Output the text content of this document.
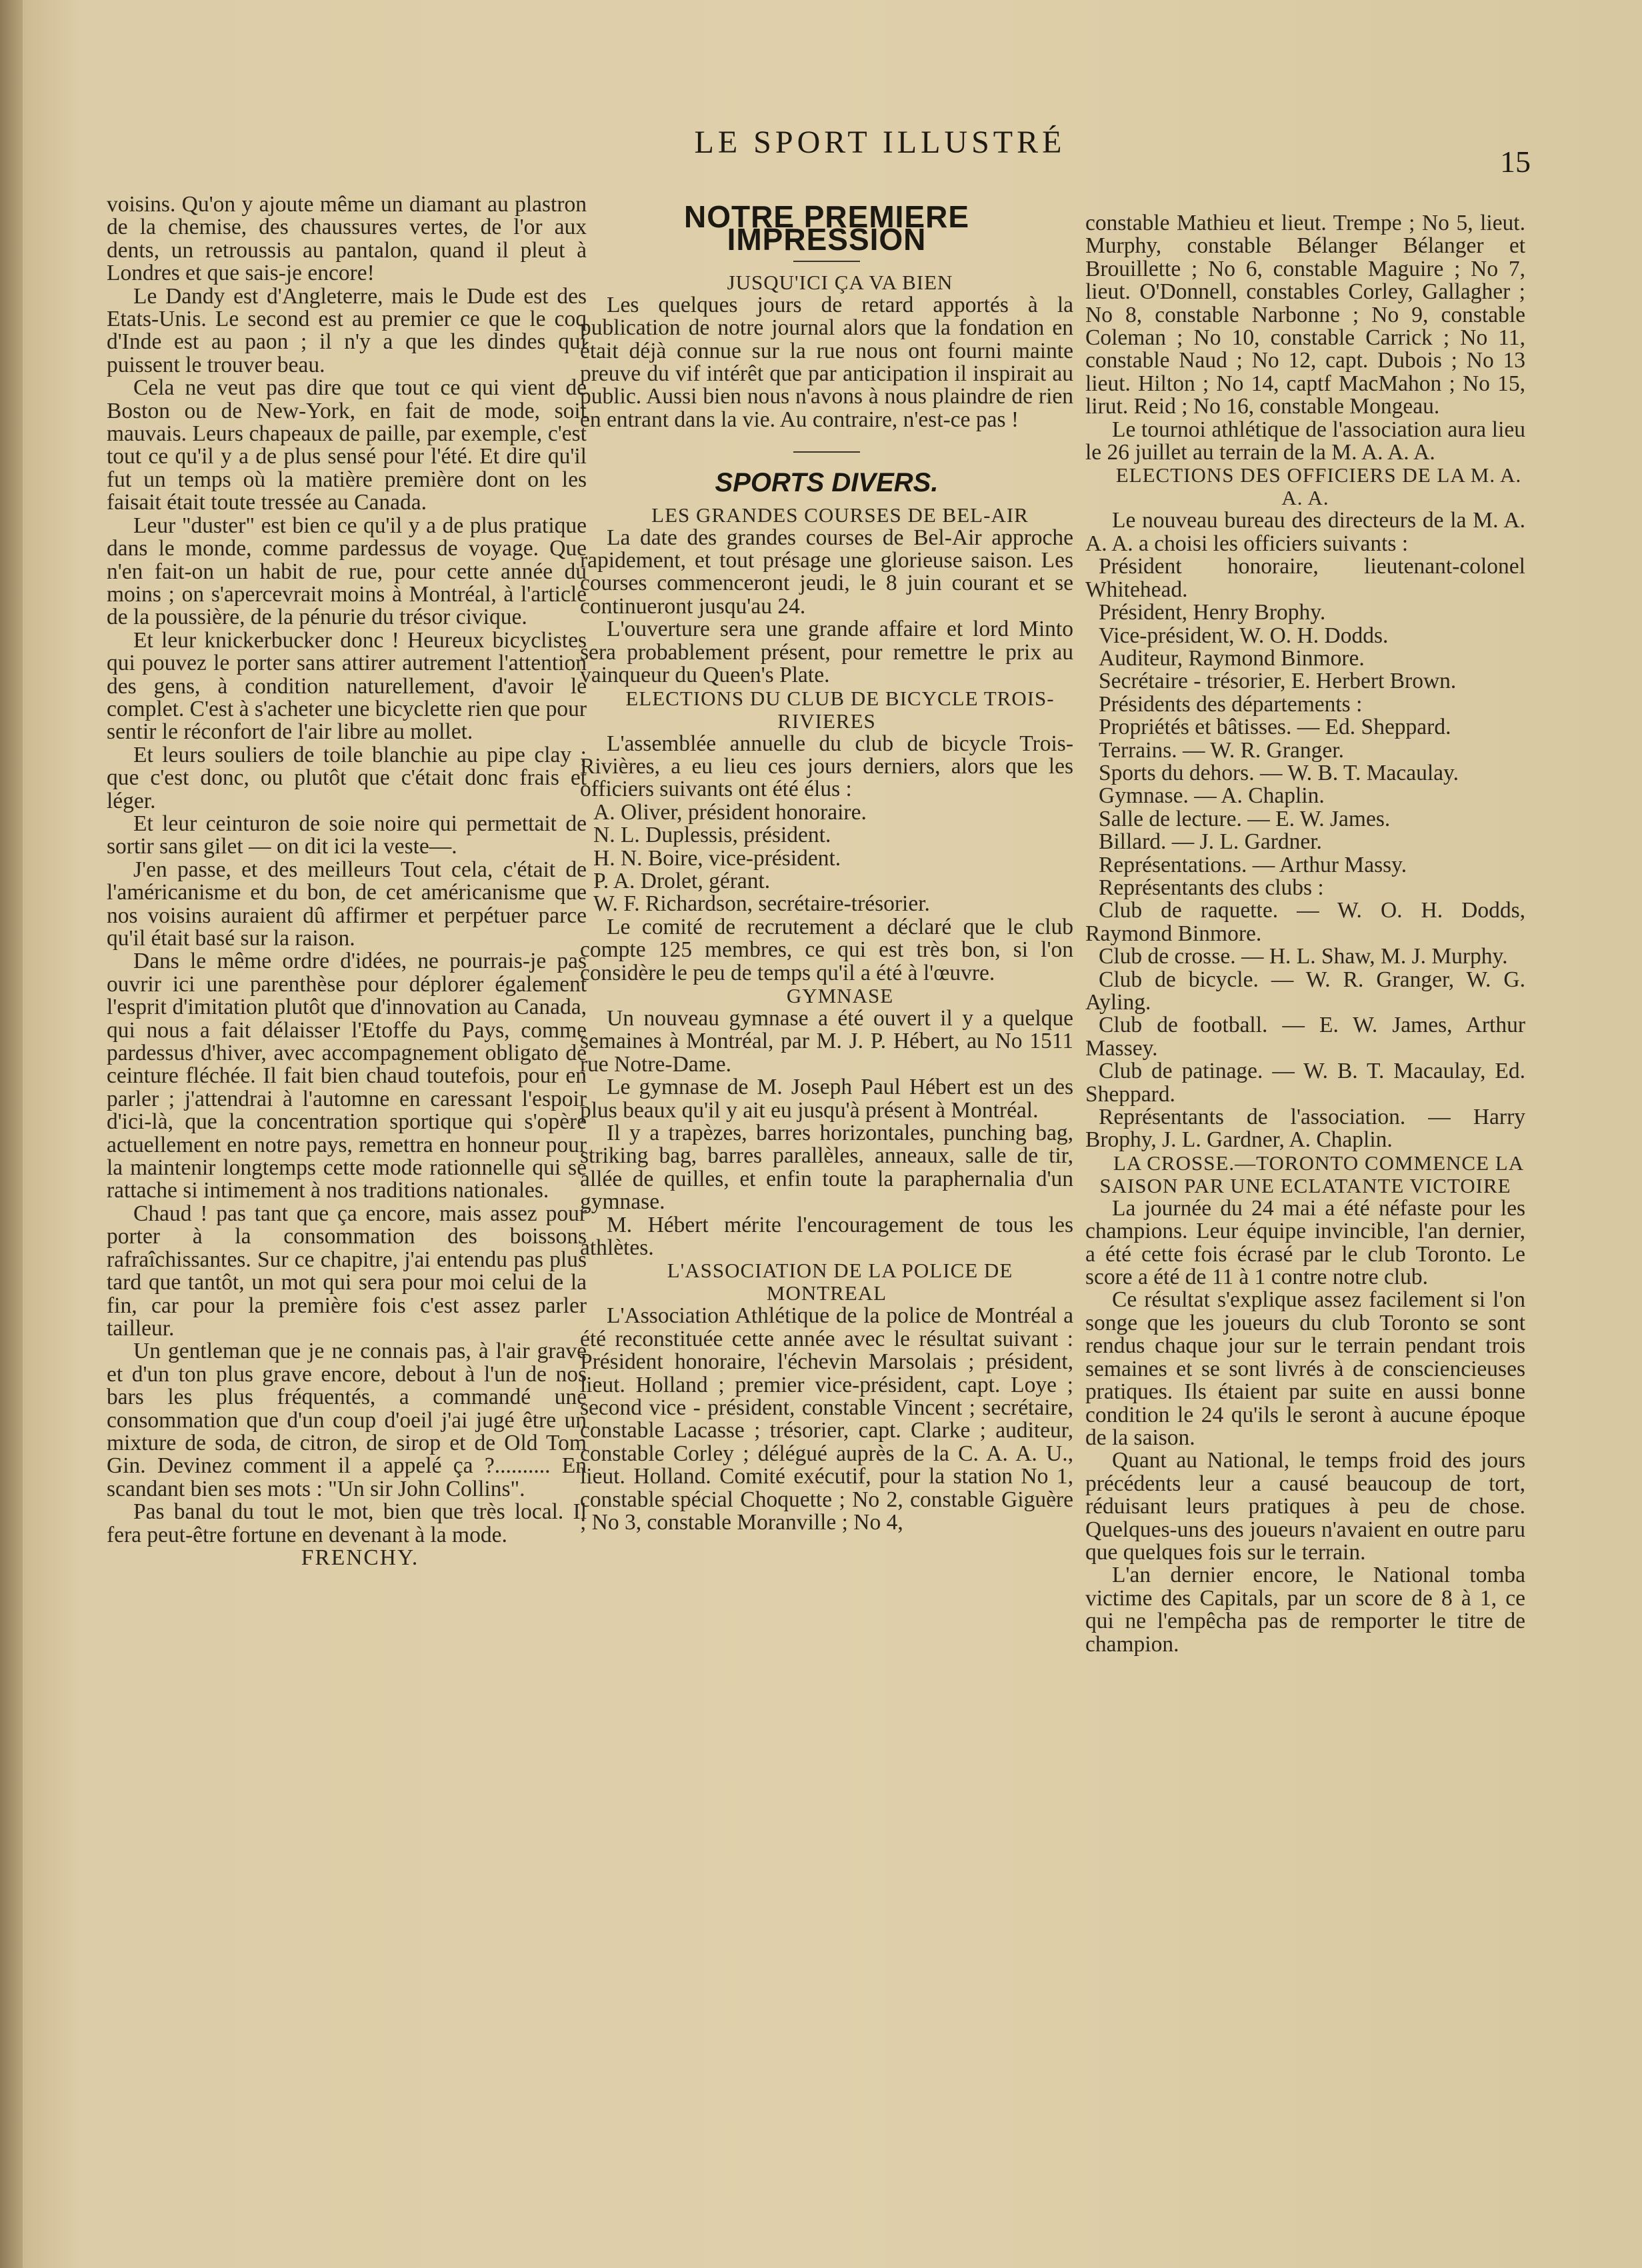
LE SPORT ILLUSTRÉ
15

voisins. Qu'on y ajoute même un diamant au plastron de la chemise, des chaussures vertes, de l'or aux dents, un retroussis au pantalon, quand il pleut à Londres et que sais-je encore!

Le Dandy est d'Angleterre, mais le Dude est des Etats-Unis. Le second est au premier ce que le coq d'Inde est au paon ; il n'y a que les dindes qui puissent le trouver beau.

Cela ne veut pas dire que tout ce qui vient de Boston ou de New-York, en fait de mode, soit mauvais. Leurs chapeaux de paille, par exemple, c'est tout ce qu'il y a de plus sensé pour l'été. Et dire qu'il fut un temps où la matière première dont on les faisait était toute tressée au Canada.

Leur "duster" est bien ce qu'il y a de plus pratique dans le monde, comme pardessus de voyage. Que n'en fait-on un habit de rue, pour cette année du moins ; on s'apercevrait moins à Montréal, à l'article de la poussière, de la pénurie du trésor civique.

Et leur knickerbucker donc ! Heureux bicyclistes qui pouvez le porter sans attirer autrement l'attention des gens, à condition naturellement, d'avoir le complet. C'est à s'acheter une bicyclette rien que pour sentir le réconfort de l'air libre au mollet.

Et leurs souliers de toile blanchie au pipe clay ; que c'est donc, ou plutôt que c'était donc frais et léger.

Et leur ceinturon de soie noire qui permettait de sortir sans gilet — on dit ici la veste—.

J'en passe, et des meilleurs Tout cela, c'était de l'américanisme et du bon, de cet américanisme que nos voisins auraient dû affirmer et perpétuer parce qu'il était basé sur la raison.

Dans le même ordre d'idées, ne pourrais-je pas ouvrir ici une parenthèse pour déplorer également l'esprit d'imitation plutôt que d'innovation au Canada, qui nous a fait délaisser l'Etoffe du Pays, comme pardessus d'hiver, avec accompagnement obligato de ceinture fléchée. Il fait bien chaud toutefois, pour en parler ; j'attendrai à l'automne en caressant l'espoir d'ici-là, que la concentration sportique qui s'opère actuellement en notre pays, remettra en honneur pour la maintenir longtemps cette mode rationnelle qui se rattache si intimement à nos traditions nationales.

Chaud ! pas tant que ça encore, mais assez pour porter à la consommation des boissons rafraîchissantes. Sur ce chapitre, j'ai entendu pas plus tard que tantôt, un mot qui sera pour moi celui de la fin, car pour la première fois c'est assez parler tailleur.

Un gentleman que je ne connais pas, à l'air grave et d'un ton plus grave encore, debout à l'un de nos bars les plus fréquentés, a commandé une consommation que d'un coup d'oeil j'ai jugé être un mixture de soda, de citron, de sirop et de Old Tom Gin. Devinez comment il a appelé ça ?.......... En scandant bien ses mots : "Un sir John Collins".

Pas banal du tout le mot, bien que très local. Il fera peut-être fortune en devenant à la mode.

FRENCHY.

NOTRE PREMIERE IMPRESSION

JUSQU'ICI ÇA VA BIEN

Les quelques jours de retard apportés à la publication de notre journal alors que la fondation en était déjà connue sur la rue nous ont fourni mainte preuve du vif intérêt que par anticipation il inspirait au public. Aussi bien nous n'avons à nous plaindre de rien en entrant dans la vie. Au contraire, n'est-ce pas !

SPORTS DIVERS.

LES GRANDES COURSES DE BEL-AIR

La date des grandes courses de Bel-Air approche rapidement, et tout présage une glorieuse saison. Les courses commenceront jeudi, le 8 juin courant et se continueront jusqu'au 24.

L'ouverture sera une grande affaire et lord Minto sera probablement présent, pour remettre le prix au vainqueur du Queen's Plate.

ELECTIONS DU CLUB DE BICYCLE TROIS-RIVIERES

L'assemblée annuelle du club de bicycle Trois-Rivières, a eu lieu ces jours derniers, alors que les officiers suivants ont été élus :

A. Oliver, président honoraire.

N. L. Duplessis, président.

H. N. Boire, vice-président.

P. A. Drolet, gérant.

W. F. Richardson, secrétaire-trésorier.

Le comité de recrutement a déclaré que le club compte 125 membres, ce qui est très bon, si l'on considère le peu de temps qu'il a été à l'œuvre.

GYMNASE

Un nouveau gymnase a été ouvert il y a quelque semaines à Montréal, par M. J. P. Hébert, au No 1511 rue Notre-Dame.

Le gymnase de M. Joseph Paul Hébert est un des plus beaux qu'il y ait eu jusqu'à présent à Montréal.

Il y a trapèzes, barres horizontales, punching bag, striking bag, barres parallèles, anneaux, salle de tir, allée de quilles, et enfin toute la paraphernalia d'un gymnase.

M. Hébert mérite l'encouragement de tous les athlètes.

L'ASSOCIATION DE LA POLICE DE MONTREAL

L'Association Athlétique de la police de Montréal a été reconstituée cette année avec le résultat suivant : Président honoraire, l'échevin Marsolais ; président, lieut. Holland ; premier vice-président, capt. Loye ; second vice - président, constable Vincent ; secrétaire, constable Lacasse ; trésorier, capt. Clarke ; auditeur, constable Corley ; délégué auprès de la C. A. A. U., lieut. Holland. Comité exécutif, pour la station No 1, constable spécial Choquette ; No 2, constable Giguère ; No 3, constable Moranville ; No 4,

constable Mathieu et lieut. Trempe ; No 5, lieut. Murphy, constable Bélanger Bélanger et Brouillette ; No 6, constable Maguire ; No 7, lieut. O'Donnell, constables Corley, Gallagher ; No 8, constable Narbonne ; No 9, constable Coleman ; No 10, constable Carrick ; No 11, constable Naud ; No 12, capt. Dubois ; No 13 lieut. Hilton ; No 14, captf MacMahon ; No 15, lirut. Reid ; No 16, constable Mongeau.

Le tournoi athlétique de l'association aura lieu le 26 juillet au terrain de la M. A. A. A.

ELECTIONS DES OFFICIERS DE LA M. A. A. A.

Le nouveau bureau des directeurs de la M. A. A. A. a choisi les officiers suivants :

Président honoraire, lieutenant-colonel Whitehead.

Président, Henry Brophy.

Vice-président, W. O. H. Dodds.

Auditeur, Raymond Binmore.

Secrétaire - trésorier, E. Herbert Brown.

Présidents des départements :

Propriétés et bâtisses. — Ed. Sheppard.

Terrains. — W. R. Granger.

Sports du dehors. — W. B. T. Macaulay.

Gymnase. — A. Chaplin.

Salle de lecture. — E. W. James.

Billard. — J. L. Gardner.

Représentations. — Arthur Massy.

Représentants des clubs :

Club de raquette. — W. O. H. Dodds, Raymond Binmore.

Club de crosse. — H. L. Shaw, M. J. Murphy.

Club de bicycle. — W. R. Granger, W. G. Ayling.

Club de football. — E. W. James, Arthur Massey.

Club de patinage. — W. B. T. Macaulay, Ed. Sheppard.

Représentants de l'association. — Harry Brophy, J. L. Gardner, A. Chaplin.

LA CROSSE.—TORONTO COMMENCE LA SAISON PAR UNE ECLATANTE VICTOIRE

La journée du 24 mai a été néfaste pour les champions. Leur équipe invincible, l'an dernier, a été cette fois écrasé par le club Toronto. Le score a été de 11 à 1 contre notre club.

Ce résultat s'explique assez facilement si l'on songe que les joueurs du club Toronto se sont rendus chaque jour sur le terrain pendant trois semaines et se sont livrés à de consciencieuses pratiques. Ils étaient par suite en aussi bonne condition le 24 qu'ils le seront à aucune époque de la saison.

Quant au National, le temps froid des jours précédents leur a causé beaucoup de tort, réduisant leurs pratiques à peu de chose. Quelques-uns des joueurs n'avaient en outre paru que quelques fois sur le terrain.

L'an dernier encore, le National tomba victime des Capitals, par un score de 8 à 1, ce qui ne l'empêcha pas de remporter le titre de champion.
